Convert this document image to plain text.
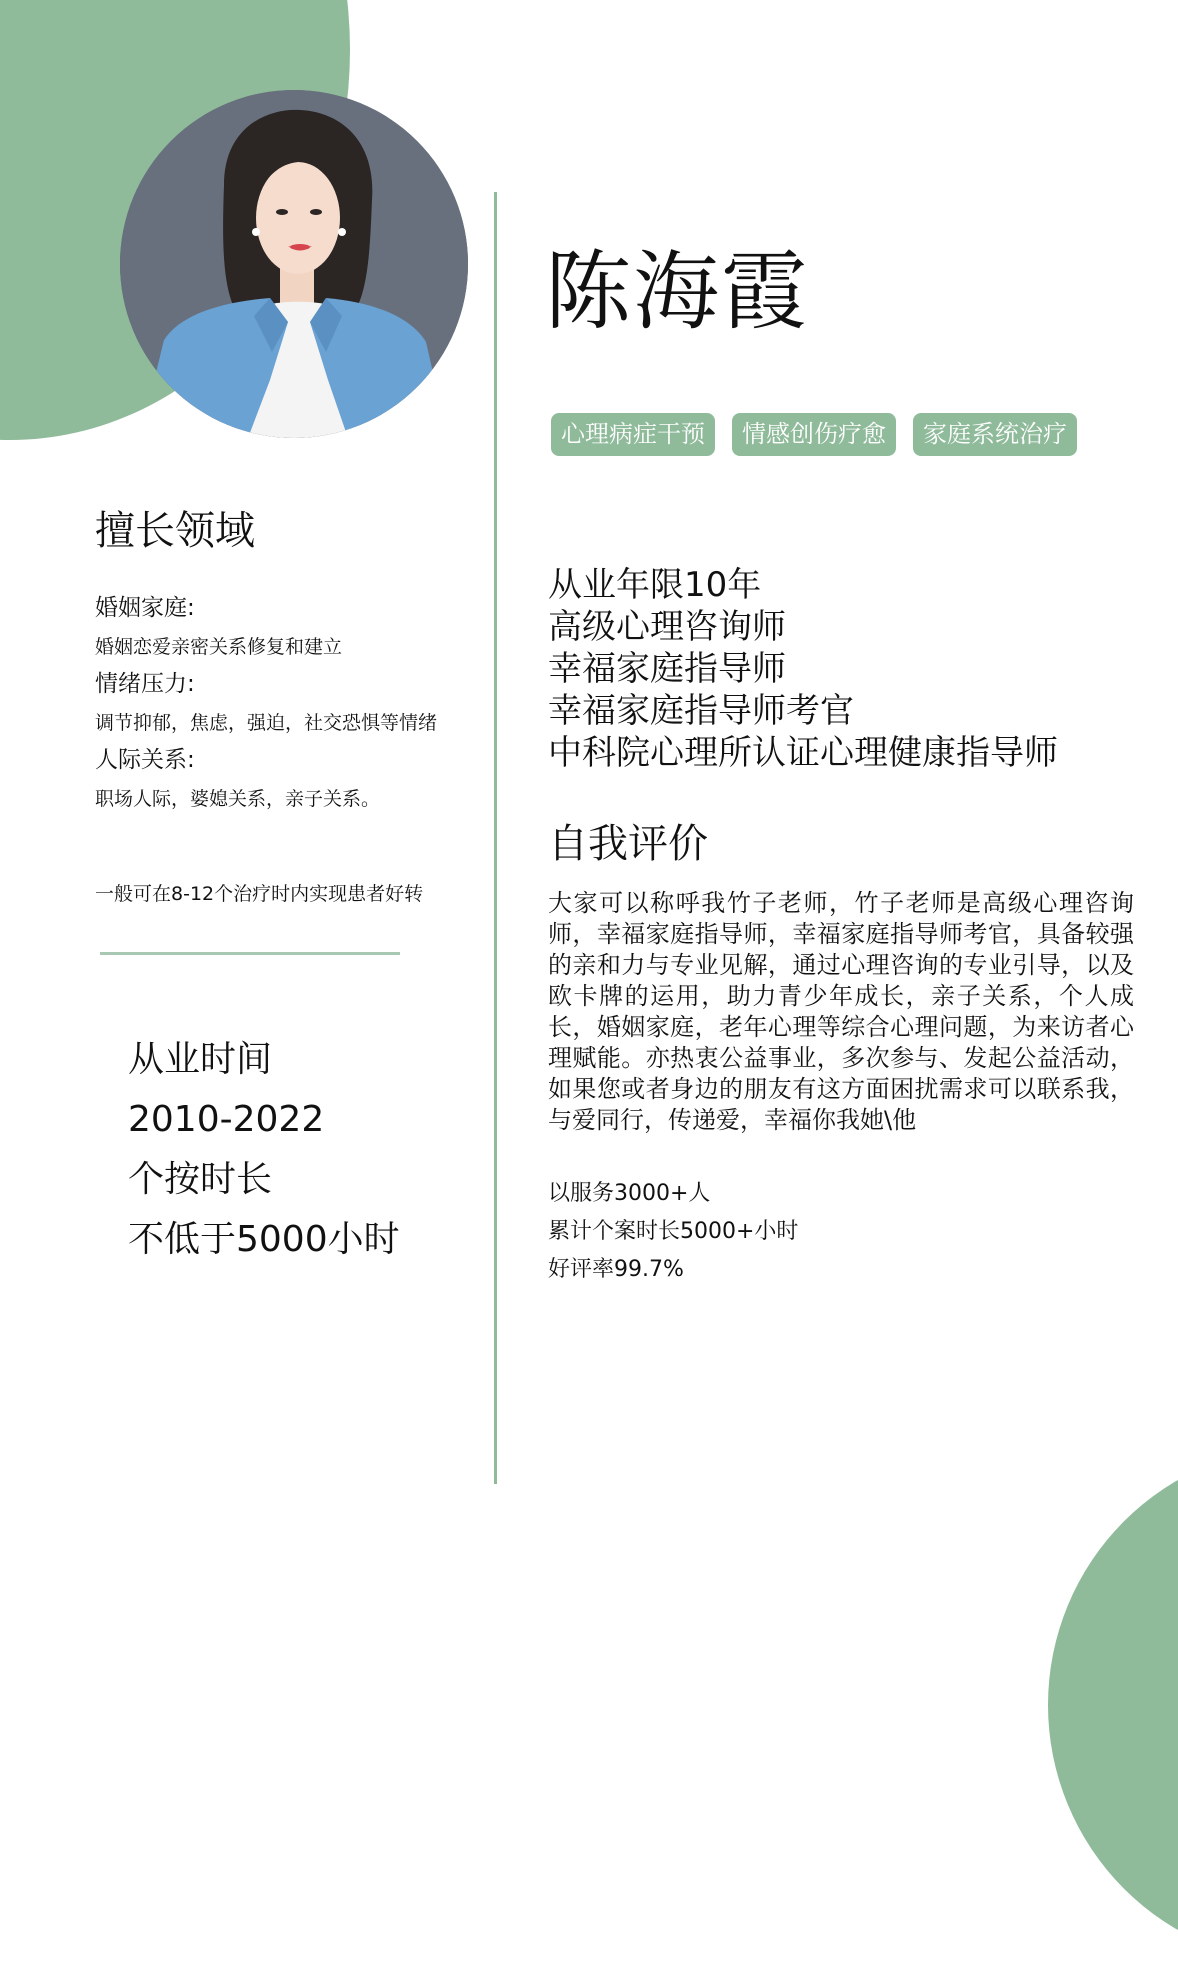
陈海霞
心理病症干预	情感创伤疗愈	家庭系统治疗
从业年限10年
高级心理咨询师
幸福家庭指导师
幸福家庭指导师考官
中科院心理所认证心理健康指导师
自我评价

大家可以称呼我竹子老师，竹子老师是高级心理咨询师，幸福家庭指导师，幸福家庭指导师考官，具备较强的亲和力与专业见解，通过心理咨询的专业引导，以及欧卡牌的运用，助力青少年成长，亲子关系，个人成长，婚姻家庭，老年心理等综合心理问题，为来访者心理赋能。亦热衷公益事业，多次参与、发起公益活动，如果您或者身边的朋友有这方面困扰需求可以联系我，与爱同行，传递爱，幸福你我她\他

以服务3000+人
累计个案时长5000+小时
好评率99.7%
擅长领域
婚姻家庭:
婚姻恋爱亲密关系修复和建立
情绪压力:
调节抑郁，焦虑，强迫，社交恐惧等情绪
人际关系:
职场人际，婆媳关系，亲子关系。
一般可在8-12个治疗时内实现患者好转
从业时间
2010-2022
个按时长
不低于5000小时
